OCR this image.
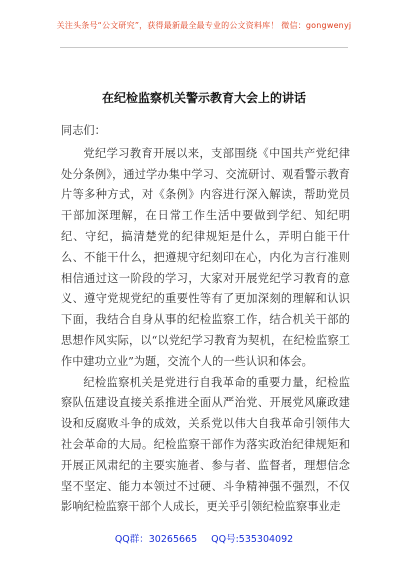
关注头条号“公文研究”，获得最新最全最专业的公文资料库！ 微信：gongwenyj
在纪检监察机关警示教育大会上的讲话

同志们：

党纪学习教育开展以来，支部围绕《中国共产党纪律处分条例》，通过学办集中学习、交流研讨、观看警示教育片等多种方式，对《条例》内容进行深入解读，帮助党员干部加深理解，在日常工作生活中要做到学纪、知纪明纪、守纪，搞清楚党的纪律规矩是什么，弄明白能干什么、不能干什么，把遵规守纪刻印在心，内化为言行准则相信通过这一阶段的学习，大家对开展党纪学习教育的意义、遵守党规党纪的重要性等有了更加深刻的理解和认识下面，我结合自身从事的纪检监察工作，结合机关干部的思想作风实际，以“以党纪学习教育为契机，在纪检监察工作中建功立业”为题，交流个人的一些认识和体会。

纪检监察机关是党进行自我革命的重要力量，纪检监察队伍建设直接关系推进全面从严治党、开展党风廉政建设和反腐败斗争的成效，关系党以伟大自我革命引领伟大社会革命的大局。纪检监察干部作为落实政治纪律规矩和开展正风肃纪的主要实施者、参与者、监督者，理想信念坚不坚定、能力本领过不过硬、斗争精神强不强烈，不仅影响纪检监察干部个人成长，更关乎引领纪检监察事业走

QQ群：30265665 QQ号:535304092
